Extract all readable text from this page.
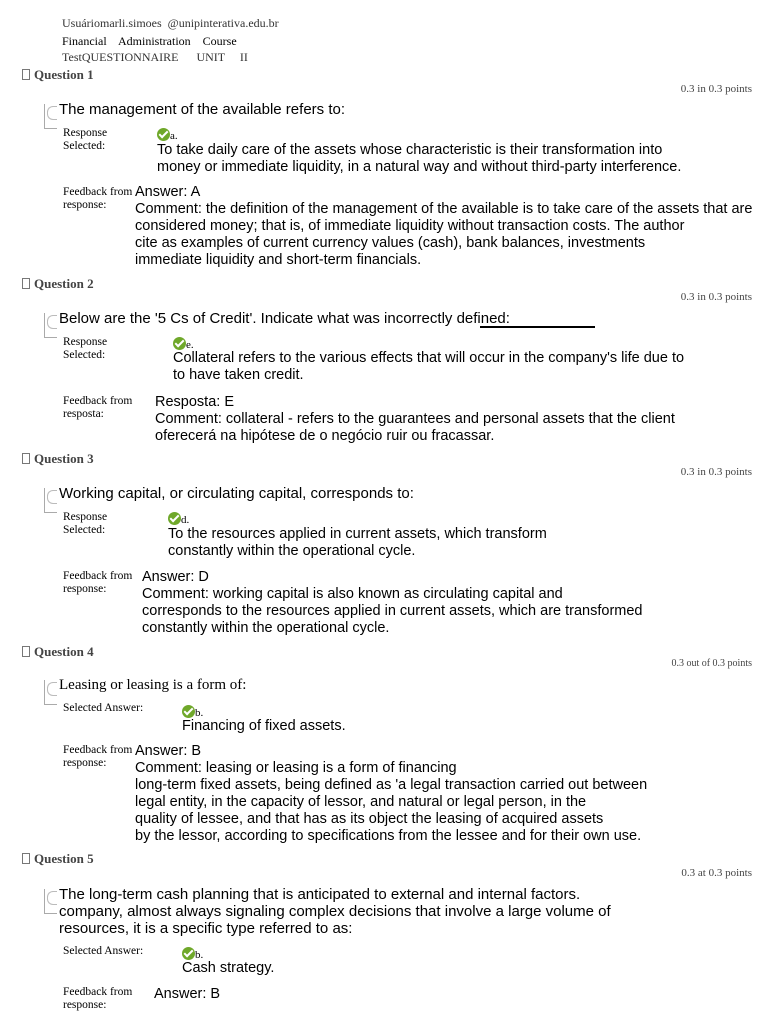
Usuáriomarli.simoes  @unipinterativa.edu.br
Financial    Administration    Course
TestQUESTIONNAIRE      UNIT     II
Question 1
0.3 in 0.3 points
The management of the available refers to:
Response
Selected:
a.
To take daily care of the assets whose characteristic is their transformation into
money or immediate liquidity, in a natural way and without third-party interference.
Feedback from
response:
Answer: A
Comment: the definition of the management of the available is to take care of the assets that are
considered money; that is, of immediate liquidity without transaction costs. The author
cite as examples of current currency values (cash), bank balances, investments
immediate liquidity and short-term financials.
Question 2
0.3 in 0.3 points
Below are the '5 Cs of Credit'. Indicate what was incorrectly defined:
Response
Selected:
e.
Collateral refers to the various effects that will occur in the company's life due to
to have taken credit.
Feedback from
resposta:
Resposta: E
Comment: collateral - refers to the guarantees and personal assets that the client
oferecerá na hipótese de o negócio ruir ou fracassar.
Question 3
0.3 in 0.3 points
Working capital, or circulating capital, corresponds to:
Response
Selected:
d.
To the resources applied in current assets, which transform
constantly within the operational cycle.
Feedback from
response:
Answer: D
Comment: working capital is also known as circulating capital and
corresponds to the resources applied in current assets, which are transformed
constantly within the operational cycle.
Question 4
0.3 out of 0.3 points
Leasing or leasing is a form of:
Selected Answer:	b.
Financing of fixed assets.
Feedback from
response:
Answer: B
Comment: leasing or leasing is a form of financing
long-term fixed assets, being defined as 'a legal transaction carried out between
legal entity, in the capacity of lessor, and natural or legal person, in the
quality of lessee, and that has as its object the leasing of acquired assets
by the lessor, according to specifications from the lessee and for their own use.
Question 5
0.3 at 0.3 points
The long-term cash planning that is anticipated to external and internal factors.
company, almost always signaling complex decisions that involve a large volume of
resources, it is a specific type referred to as:
Selected Answer:	b.
Cash strategy.
Feedback from
response:
Answer: B
